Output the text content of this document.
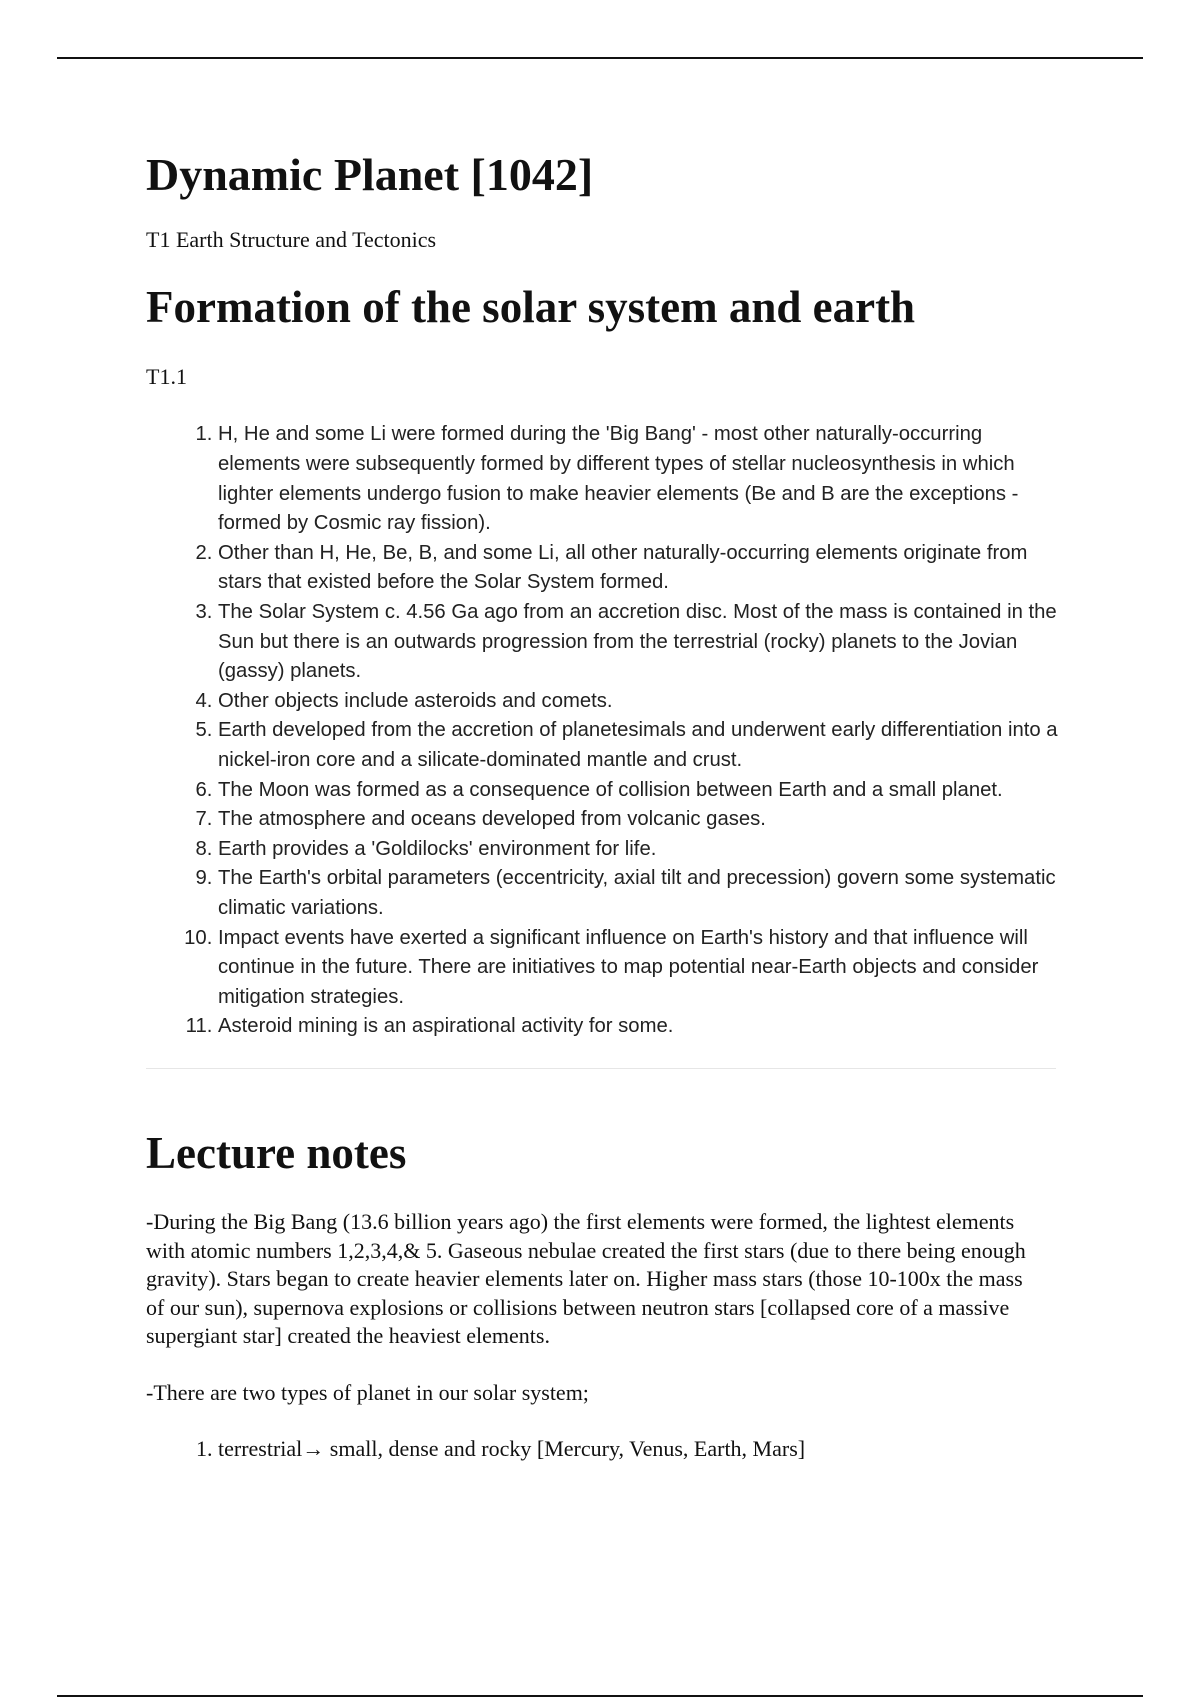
Dynamic Planet [1042]
T1 Earth Structure and Tectonics
Formation of the solar system and earth
T1.1
1. H, He and some Li were formed during the 'Big Bang' - most other naturally-occurring elements were subsequently formed by different types of stellar nucleosynthesis in which lighter elements undergo fusion to make heavier elements (Be and B are the exceptions - formed by Cosmic ray fission).
2. Other than H, He, Be, B, and some Li, all other naturally-occurring elements originate from stars that existed before the Solar System formed.
3. The Solar System c. 4.56 Ga ago from an accretion disc. Most of the mass is contained in the Sun but there is an outwards progression from the terrestrial (rocky) planets to the Jovian (gassy) planets.
4. Other objects include asteroids and comets.
5. Earth developed from the accretion of planetesimals and underwent early differentiation into a nickel-iron core and a silicate-dominated mantle and crust.
6. The Moon was formed as a consequence of collision between Earth and a small planet.
7. The atmosphere and oceans developed from volcanic gases.
8. Earth provides a 'Goldilocks' environment for life.
9. The Earth's orbital parameters (eccentricity, axial tilt and precession) govern some systematic climatic variations.
10. Impact events have exerted a significant influence on Earth's history and that influence will continue in the future. There are initiatives to map potential near-Earth objects and consider mitigation strategies.
11. Asteroid mining is an aspirational activity for some.
Lecture notes

-During the Big Bang (13.6 billion years ago) the first elements were formed, the lightest elements with atomic numbers 1,2,3,4,& 5. Gaseous nebulae created the first stars (due to there being enough gravity). Stars began to create heavier elements later on. Higher mass stars (those 10-100x the mass of our sun), supernova explosions or collisions between neutron stars [collapsed core of a massive supergiant star] created the heaviest elements.

-There are two types of planet in our solar system;

1. terrestrial→ small, dense and rocky [Mercury, Venus, Earth, Mars]
